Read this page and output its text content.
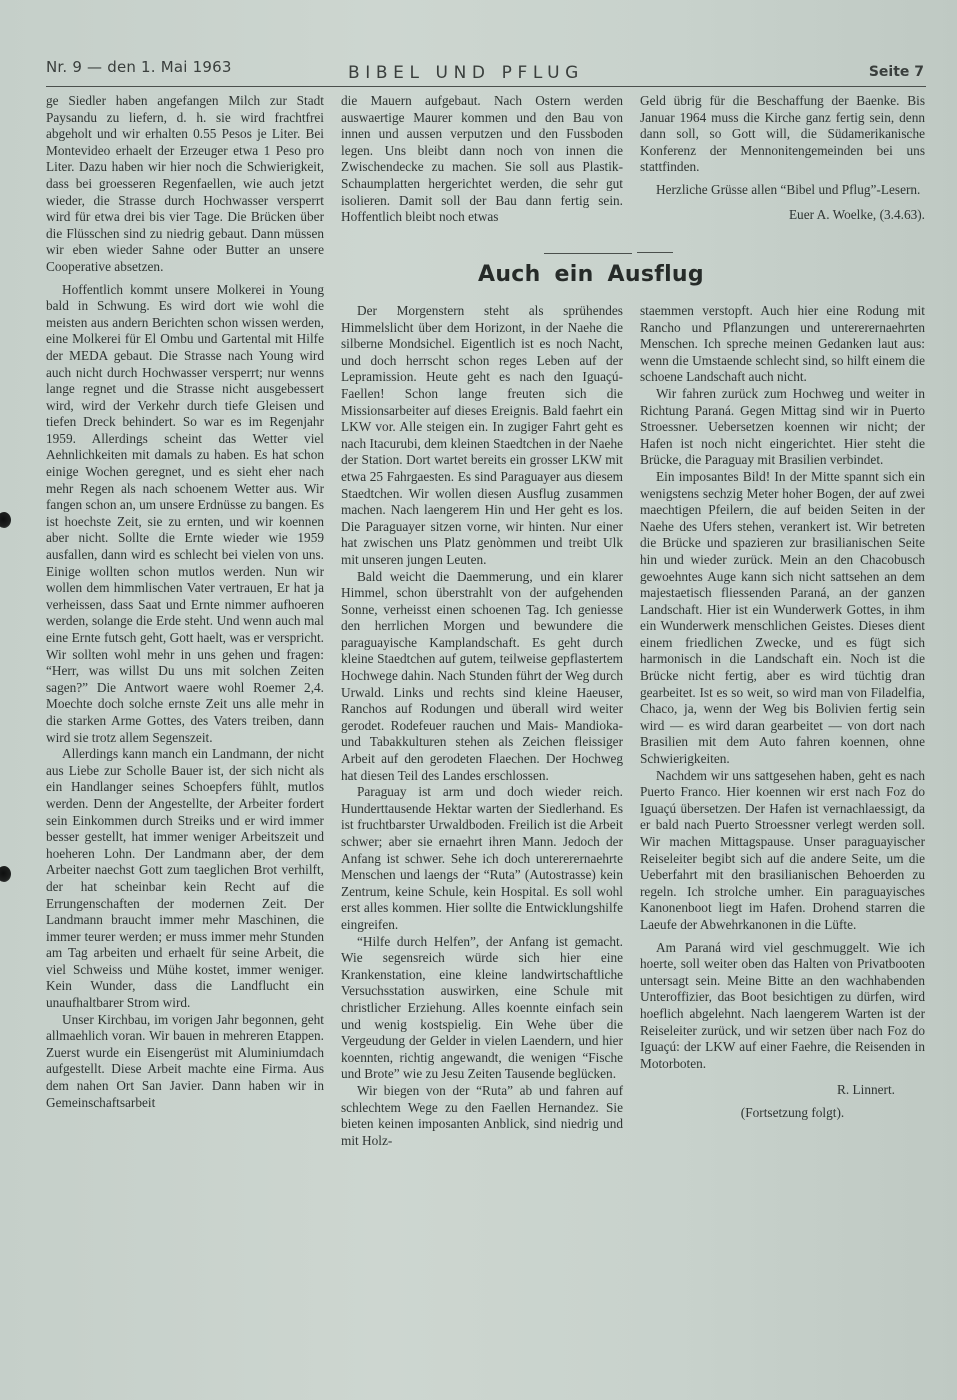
Nr. 9 — den 1. Mai 1963	BIBEL UND PFLUG	Seite 7

ge Siedler haben angefangen Milch zur Stadt Paysandu zu liefern, d. h. sie wird frachtfrei abgeholt und wir erhalten 0.55 Pesos je Liter. Bei Montevideo erhaelt der Erzeuger etwa 1 Peso pro Liter. Dazu haben wir hier noch die Schwierigkeit, dass bei groesseren Regenfaellen, wie auch jetzt wieder, die Strasse durch Hochwasser versperrt wird für etwa drei bis vier Tage. Die Brücken über die Flüsschen sind zu niedrig gebaut. Dann müssen wir eben wieder Sahne oder Butter an unsere Cooperative absetzen.

Hoffentlich kommt unsere Molkerei in Young bald in Schwung. Es wird dort wie wohl die meisten aus andern Berichten schon wissen werden, eine Molkerei für El Ombu und Gartental mit Hilfe der MEDA gebaut. Die Strasse nach Young wird auch nicht durch Hochwasser versperrt; nur wenns lange regnet und die Strasse nicht ausgebessert wird, wird der Verkehr durch tiefe Gleisen und tiefen Dreck behindert. So war es im Regenjahr 1959. Allerdings scheint das Wetter viel Aehnlichkeiten mit damals zu haben. Es hat schon einige Wochen geregnet, und es sieht eher nach mehr Regen als nach schoenem Wetter aus. Wir fangen schon an, um unsere Erdnüsse zu bangen. Es ist hoechste Zeit, sie zu ernten, und wir koennen aber nicht. Sollte die Ernte wieder wie 1959 ausfallen, dann wird es schlecht bei vielen von uns. Einige wollten schon mutlos werden. Nun wir wollen dem himmlischen Vater vertrauen, Er hat ja verheissen, dass Saat und Ernte nimmer aufhoeren werden, solange die Erde steht. Und wenn auch mal eine Ernte futsch geht, Gott haelt, was er verspricht. Wir sollten wohl mehr in uns gehen und fragen: “Herr, was willst Du uns mit solchen Zeiten sagen?” Die Antwort waere wohl Roemer 2,4. Moechte doch solche ernste Zeit uns alle mehr in die starken Arme Gottes, des Vaters treiben, dann wird sie trotz allem Segenszeit.

Allerdings kann manch ein Landmann, der nicht aus Liebe zur Scholle Bauer ist, der sich nicht als ein Handlanger seines Schoepfers fühlt, mutlos werden. Denn der Angestellte, der Arbeiter fordert sein Einkommen durch Streiks und er wird immer besser gestellt, hat immer weniger Arbeitszeit und hoeheren Lohn. Der Landmann aber, der dem Arbeiter naechst Gott zum taeglichen Brot verhilft, der hat scheinbar kein Recht auf die Errungenschaften der modernen Zeit. Der Landmann braucht immer mehr Maschinen, die immer teurer werden; er muss immer mehr Stunden am Tag arbeiten und erhaelt für seine Arbeit, die viel Schweiss und Mühe kostet, immer weniger. Kein Wunder, dass die Landflucht ein unaufhaltbarer Strom wird.

Unser Kirchbau, im vorigen Jahr begonnen, geht allmaehlich voran. Wir bauen in mehreren Etappen. Zuerst wurde ein Eisengerüst mit Aluminiumdach aufgestellt. Diese Arbeit machte eine Firma. Aus dem nahen Ort San Javier. Dann haben wir in Gemeinschaftsarbeit

die Mauern aufgebaut. Nach Ostern werden auswaertige Maurer kommen und den Bau von innen und aussen verputzen und den Fussboden legen. Uns bleibt dann noch von innen die Zwischendecke zu machen. Sie soll aus Plastik-Schaumplatten hergerichtet werden, die sehr gut isolieren. Damit soll der Bau dann fertig sein. Hoffentlich bleibt noch etwas

Geld übrig für die Beschaffung der Baenke. Bis Januar 1964 muss die Kirche ganz fertig sein, denn dann soll, so Gott will, die Südamerikanische Konferenz der Mennonitengemeinden bei uns stattfinden.

Herzliche Grüsse allen “Bibel und Pflug”-Lesern.

Euer A. Woelke, (3.4.63).

Auch ein Ausflug

Der Morgenstern steht als sprühendes Himmelslicht über dem Horizont, in der Naehe die silberne Mondsichel. Eigentlich ist es noch Nacht, und doch herrscht schon reges Leben auf der Lepramission. Heute geht es nach den Iguaçú-Faellen! Schon lange freuten sich die Missionsarbeiter auf dieses Ereignis. Bald faehrt ein LKW vor. Alle steigen ein. In zugiger Fahrt geht es nach Itacurubi, dem kleinen Staedtchen in der Naehe der Station. Dort wartet bereits ein grosser LKW mit etwa 25 Fahrgaesten. Es sind Paraguayer aus diesem Staedtchen. Wir wollen diesen Ausflug zusammen machen. Nach laengerem Hin und Her geht es los. Die Paraguayer sitzen vorne, wir hinten. Nur einer hat zwischen uns Platz genòmmen und treibt Ulk mit unseren jungen Leuten.

Bald weicht die Daemmerung, und ein klarer Himmel, schon überstrahlt von der aufgehenden Sonne, verheisst einen schoenen Tag. Ich geniesse den herrlichen Morgen und bewundere die paraguayische Kamplandschaft. Es geht durch kleine Staedtchen auf gutem, teilweise gepflastertem Hochwege dahin. Nach Stunden führt der Weg durch Urwald. Links und rechts sind kleine Haeuser, Ranchos auf Rodungen und überall wird weiter gerodet. Rodefeuer rauchen und Mais- Mandioka- und Tabakkulturen stehen als Zeichen fleissiger Arbeit auf den gerodeten Flaechen. Der Hochweg hat diesen Teil des Landes erschlossen.

Paraguay ist arm und doch wieder reich. Hunderttausende Hektar warten der Siedlerhand. Es ist fruchtbarster Urwaldboden. Freilich ist die Arbeit schwer; aber sie ernaehrt ihren Mann. Jedoch der Anfang ist schwer. Sehe ich doch untererernaehrte Menschen und laengs der “Ruta” (Autostrasse) kein Zentrum, keine Schule, kein Hospital. Es soll wohl erst alles kommen. Hier sollte die Entwicklungshilfe eingreifen.

“Hilfe durch Helfen”, der Anfang ist gemacht. Wie segensreich würde sich hier eine Krankenstation, eine kleine landwirtschaftliche Versuchsstation auswirken, eine Schule mit christlicher Erziehung. Alles koennte einfach sein und wenig kostspielig. Ein Wehe über die Vergeudung der Gelder in vielen Laendern, und hier koennten, richtig angewandt, die wenigen “Fische und Brote” wie zu Jesu Zeiten Tausende beglücken.

Wir biegen von der “Ruta” ab und fahren auf schlechtem Wege zu den Faellen Hernandez. Sie bieten keinen imposanten Anblick, sind niedrig und mit Holz-

staemmen verstopft. Auch hier eine Rodung mit Rancho und Pflanzungen und untererernaehrten Menschen. Ich spreche meinen Gedanken laut aus: wenn die Umstaende schlecht sind, so hilft einem die schoene Landschaft auch nicht.

Wir fahren zurück zum Hochweg und weiter in Richtung Paraná. Gegen Mittag sind wir in Puerto Stroessner. Uebersetzen koennen wir nicht; der Hafen ist noch nicht eingerichtet. Hier steht die Brücke, die Paraguay mit Brasilien verbindet.

Ein imposantes Bild! In der Mitte spannt sich ein wenigstens sechzig Meter hoher Bogen, der auf zwei maechtigen Pfeilern, die auf beiden Seiten in der Naehe des Ufers stehen, verankert ist. Wir betreten die Brücke und spazieren zur brasilianischen Seite hin und wieder zurück. Mein an den Chacobusch gewoehntes Auge kann sich nicht sattsehen an dem majestaetisch fliessenden Paraná, an der ganzen Landschaft. Hier ist ein Wunderwerk Gottes, in ihm ein Wunderwerk menschlichen Geistes. Dieses dient einem friedlichen Zwecke, und es fügt sich harmonisch in die Landschaft ein. Noch ist die Brücke nicht fertig, aber es wird tüchtig dran gearbeitet. Ist es so weit, so wird man von Filadelfia, Chaco, ja, wenn der Weg bis Bolivien fertig sein wird — es wird daran gearbeitet — von dort nach Brasilien mit dem Auto fahren koennen, ohne Schwierigkeiten.

Nachdem wir uns sattgesehen haben, geht es nach Puerto Franco. Hier koennen wir erst nach Foz do Iguaçú übersetzen. Der Hafen ist vernachlaessigt, da er bald nach Puerto Stroessner verlegt werden soll. Wir machen Mittagspause. Unser paraguayischer Reiseleiter begibt sich auf die andere Seite, um die Ueberfahrt mit den brasilianischen Behoerden zu regeln. Ich strolche umher. Ein paraguayisches Kanonenboot liegt im Hafen. Drohend starren die Laeufe der Abwehrkanonen in die Lüfte.

Am Paraná wird viel geschmuggelt. Wie ich hoerte, soll weiter oben das Halten von Privatbooten untersagt sein. Meine Bitte an den wachhabenden Unteroffizier, das Boot besichtigen zu dürfen, wird hoeflich abgelehnt. Nach laengerem Warten ist der Reiseleiter zurück, und wir setzen über nach Foz do Iguaçú: der LKW auf einer Faehre, die Reisenden in Motorboten.

R. Linnert.

(Fortsetzung folgt).
